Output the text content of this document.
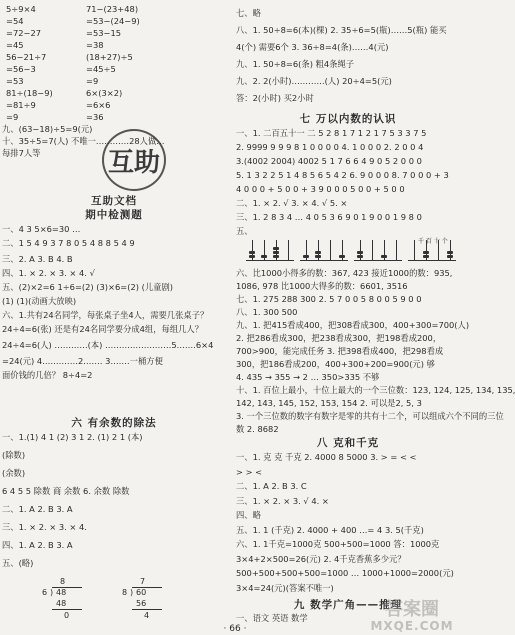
5÷9×4	71−(23+48)
=54	=53−(24−9)
=72−27	=53−15
=45	=38
56−21÷7	(18+27)÷5
=56−3	=45÷5
=53	=9
81÷(18−9)	6×(3×2)
=81÷9	=6×6
=9	=36
互助
互助文档
期中检测题
九、(63−18)÷5=9(元)
十、35÷5=7(人) 不唯一…………28人做…
每排7人等
一、4 3 5×6=30 …
二、1 5 4 9 3 7 8 0 5 4 8 8 5 4 9
三、2. A 3. B 4. B
四、1. × 2. × 3. × 4. √
五、(2)×2=6 1÷6=(2) (3)×6=(2) (儿童剧)
(1) (1)(动画大放映)
六、1.共有24名同学，每张桌子坐4人，需要几张桌子？
24÷4=6(张) 还是有24名同学要分成4组，每组几人？
24÷4=6(人) …………(本) ……………………5.……6×4
=24(元) 4.…………2.…… 3.……一桶方便
面价钱的几倍？ 8÷4=2
六 有余数的除法
一、1.(1) 4 1 (2) 3 1 2. (1) 2 1 (本)
(除数)
(余数)
6 4 5 5 除数 商 余数 6. 余数 除数
二、1. A 2. B 3. A
三、1. × 2. × 3. × 4.
四、1. A 2. B 3. A
五、(略)
8
6 ) 48
48
0
7
8 ) 60
56
4
七、略
八、1. 50÷8=6(本)(棵) 2. 35÷6=5(瓶)……5(瓶) 能买
4(个) 需要6个 3. 36÷8=4(条)……4(元)
九、1. 50÷8=6(条) 粗4条绳子
九、2. 2(小时)…………(人) 20÷4=5(元)
答：2(小时) 买2小时
七 万以内数的认识
一、1. 二百五十一 二 5 2 8 1 7 1 2 1 7 5 3 3 7 5
2. 9999 9 9 9 8 1 0 0 0 0 4. 1 0 0 0 2. 2 0 0 4
3.(4002 2004) 4002 5 1 7 6 6 4 9 0 5 2 0 0 0
5. 1 3 2 2 5 1 4 8 5 6 5 4 2 6. 9 0 0 0 8. 7 0 0 0 + 3
4 0 0 0 + 5 0 0 + 3 9 0 0 0 5 0 0 + 5 0 0
二、1. × 2. √ 3. × 4. √ 5. ×
三、1. 2 8 3 4 … 4 0 5 3 6 9 0 1 9 0 0 1 9 8 0
五、
千 百 十 个
六、比1000小得多的数：367, 423 接近1000的数：935,
1086, 978 比1000大得多的数：6601, 3516
七、1. 275 288 300 2. 5 7 0 0 5 8 0 0 5 9 0 0
八、1. 300 500
九、1. 把415看成400，把308看成300，400+300=700(人)
2. 把286看成300，把238看成300，把198看成200，
700>900，能完成任务 3. 把398看成400，把298看成
300，把186看成200，400+300+200=900(元) 够
4. 435 → 355 → 2 … 350>335 不够
十、1. 百位上最小，十位上最大的一个三位数：123, 124, 125, 134, 135,
142, 143, 145, 152, 153, 154 2. 可以是2, 5, 3
3. 一个三位数的数字有数字是零的共有十二个，可以组成六个不同的三位
数 2. 8682
八 克和千克
一、1. 克 克 千克 2. 4000 8 5000 3. > = < <
> > <
二、1. A 2. B 3. C
三、1. × 2. × 3. √ 4. ×
四、略
五、1. 1 (千克) 2. 4000 + 400 …= 4 3. 5(千克)
六、1. 1千克=1000克 500+500=1000 答：1000克
3×4+2×500=26(元) 2. 4千克香蕉多少元？
500+500+500+500=1000 … 1000+1000=2000(元)
3×4=24(元)(答案不唯一)
九 数学广角——推理
一、语文 英语 数学
· 66 ·
答案圈
MXQE.COM
